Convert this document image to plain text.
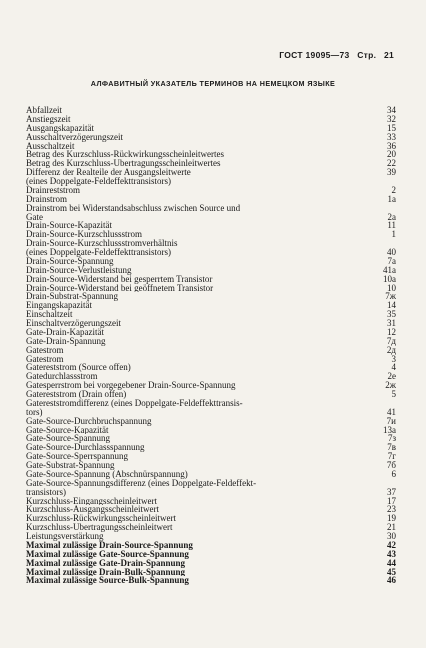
ГОСТ 19095—73 Стр. 21
АЛФАВИТНЫЙ УКАЗАТЕЛЬ ТЕРМИНОВ НА НЕМЕЦКОМ ЯЗЫКЕ
Abfallzeit	34
Anstiegszeit	32
Ausgangskapazität	15
Ausschaltverzögerungszeit	33
Ausschaltzeit	36
Betrag des Kurzschluss-Rückwirkungsscheinleitwertes	20
Betrag des Kurzschluss-Übertragungsscheinleitwertes	22
Differenz der Realteile der Ausgangsleitwerte	39
(eines Doppelgate-Feldeffekttransistors)
Drainreststrom	2
Drainstrom	1а
Drainstrom bei Widerstandsabschluss zwischen Source und
Gate	2а
Drain-Source-Kapazität	11
Drain-Source-Kurzschlussstrom	1
Drain-Source-Kurzschlussstromverhältnis
(eines Doppelgate-Feldeffekttransistors)	40
Drain-Source-Spannung	7а
Drain-Source-Verlustleistung	41а
Drain-Source-Widerstand bei gesperrtem Transistor	10а
Drain-Source-Widerstand bei geöffnetem Transistor	10
Drain-Substrat-Spannung	7ж
Eingangskapazität	14
Einschaltzeit	35
Einschaltverzögerungszeit	31
Gate-Drain-Kapazität	12
Gate-Drain-Spannung	7д
Gatestrom	2д
Gatestrom	3
Gatereststrom (Source offen)	4
Gatedurchlassstrom	2е
Gatesperrstrom bei vorgegebener Drain-Source-Spannung	2ж
Gatereststrom (Drain offen)	5
Gatereststromdifferenz (eines Doppelgate-Feldeffekttransis-
tors)	41
Gate-Source-Durchbruchspannung	7и
Gate-Source-Kapazität	13а
Gate-Source-Spannung	7з
Gate-Source-Durchlassspannung	7в
Gate-Source-Sperrspannung	7г
Gate-Substrat-Spannung	7б
Gate-Source-Spannung (Abschnürspannung)	6
Gate-Source-Spannungsdifferenz (eines Doppelgate-Feldeffekt-
transistors)	37
Kurzschluss-Eingangsscheinleitwert	17
Kurzschluss-Ausgangsscheinleitwert	23
Kurzschluss-Rückwirkungsscheinleitwert	19
Kurzschluss-Übertragungsscheinleitwert	21
Leistungsverstärkung	30
Maximal zulässige Drain-Source-Spannung	42
Maximal zulässige Gate-Source-Spannung	43
Maximal zulässige Gate-Drain-Spannung	44
Maximal zulässige Drain-Bulk-Spannung	45
Maximal zulässige Source-Bulk-Spannung	46
